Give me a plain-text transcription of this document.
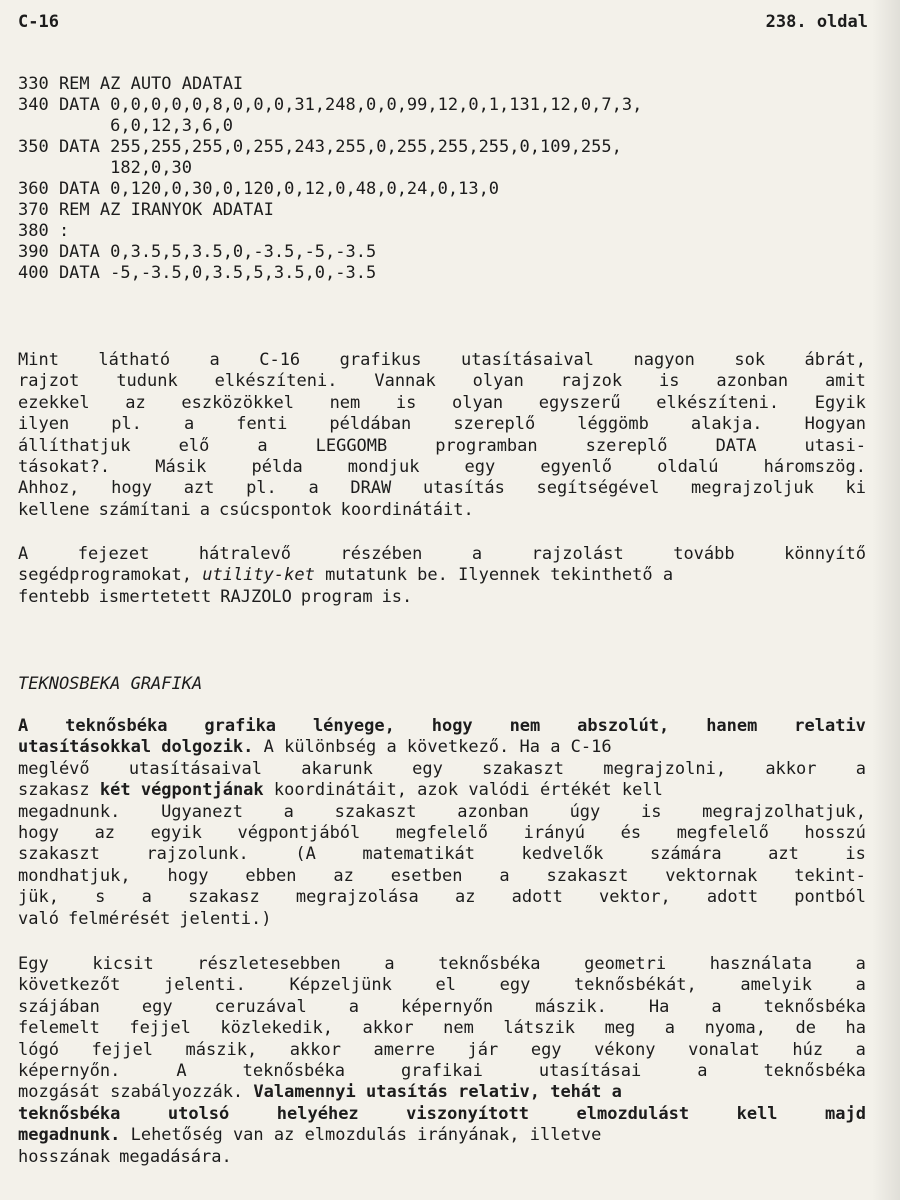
C-16	238. oldal
330 REM AZ AUTO ADATAI
340 DATA 0,0,0,0,0,8,0,0,0,31,248,0,0,99,12,0,1,131,12,0,7,3,
6,0,12,3,6,0
350 DATA 255,255,255,0,255,243,255,0,255,255,255,0,109,255,
182,0,30
360 DATA 0,120,0,30,0,120,0,12,0,48,0,24,0,13,0
370 REM AZ IRANYOK ADATAI
380 :
390 DATA 0,3.5,5,3.5,0,-3.5,-5,-3.5
400 DATA -5,-3.5,0,3.5,5,3.5,0,-3.5
Mint látható a C-16 grafikus utasításaival nagyon sok ábrát,
rajzot tudunk elkészíteni. Vannak olyan rajzok is azonban amit
ezekkel az eszközökkel nem is olyan egyszerű elkészíteni. Egyik
ilyen pl. a fenti példában szereplő léggömb alakja. Hogyan
állíthatjuk	elő	a	LEGGOMB	programban	szereplő	DATA	utasi-
tásokat?.	Másik	példa	mondjuk	egy	egyenlő	oldalú	háromszög.
Ahhoz, hogy azt pl. a DRAW utasítás segítségével megrajzoljuk ki
kellene számítani a csúcspontok koordinátáit.
A	fejezet	hátralevő	részében	a	rajzolást	tovább	könnyítő
segédprogramokat, utility-ket mutatunk be. Ilyennek tekinthető a
fentebb ismertetett RAJZOLO program is.
TEKNOSBEKA GRAFIKA
A teknősbéka grafika lényege, hogy nem abszolút, hanem relativ
utasításokkal dolgozik. A különbség a következő. Ha a C-16
meglévő utasításaival akarunk egy szakaszt megrajzolni, akkor a
szakasz két végpontjának koordinátáit, azok valódi értékét kell
megadnunk. Ugyanezt a szakaszt azonban úgy is megrajzolhatjuk,
hogy az egyik végpontjából megfelelő irányú és megfelelő hosszú
szakaszt	rajzolunk.	(A	matematikát	kedvelők	számára	azt	is
mondhatjuk, hogy ebben az esetben a szakaszt vektornak tekint-
jük, s a szakasz megrajzolása az adott vektor, adott pontból
való felmérését jelenti.)
Egy	kicsit	részletesebben	a	teknősbéka	geometri	használata	a
következőt	jelenti.	Képzeljünk	el	egy	teknősbékát,	amelyik	a
szájában egy ceruzával a képernyőn mászik. Ha a teknősbéka
felemelt fejjel közlekedik, akkor nem látszik meg a nyoma, de ha
lógó fejjel mászik, akkor amerre jár egy vékony vonalat húz a
képernyőn.	A	teknősbéka	grafikai	utasításai	a	teknősbéka
mozgását szabályozzák. Valamennyi utasítás relativ, tehát a
teknősbéka	utolsó	helyéhez	viszonyított	elmozdulást	kell	majd
megadnunk. Lehetőség van az elmozdulás irányának, illetve
hosszának megadására.
